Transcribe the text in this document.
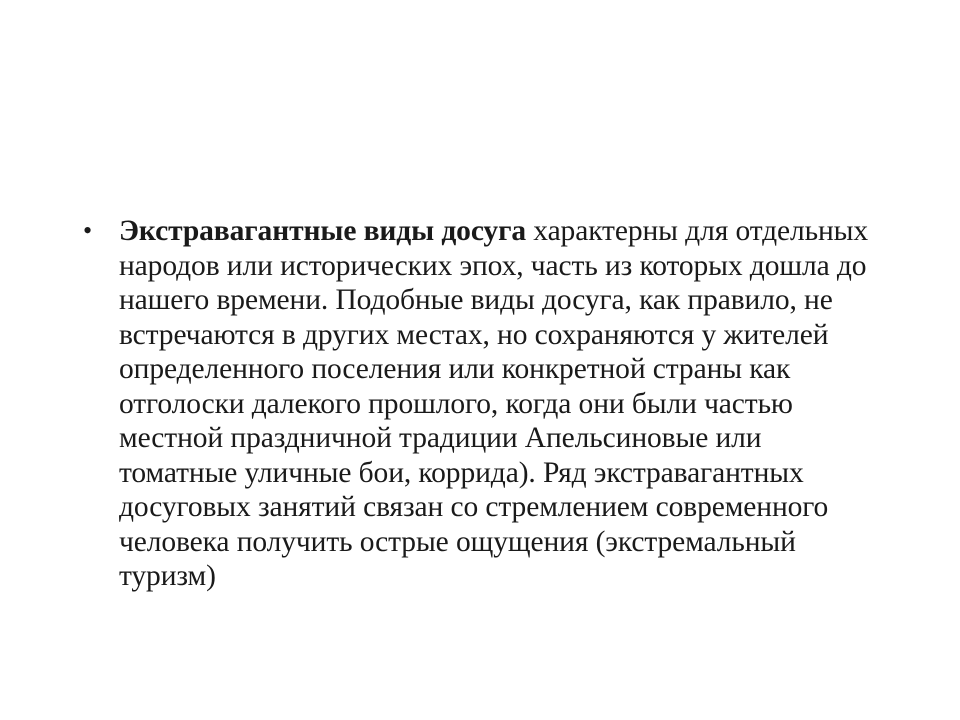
• Экстравагантные виды досуга характерны для отдельных народов или исторических эпох, часть из которых дошла до нашего времени. Подобные виды досуга, как правило, не встречаются в других местах, но сохраняются у жителей определенного поселения или конкретной страны как отголоски далекого прошлого, когда они были частью местной праздничной традиции Апельсиновые или томатные уличные бои, коррида). Ряд экстравагантных досуговых занятий связан со стремлением современного человека получить острые ощущения (экстремальный туризм)
